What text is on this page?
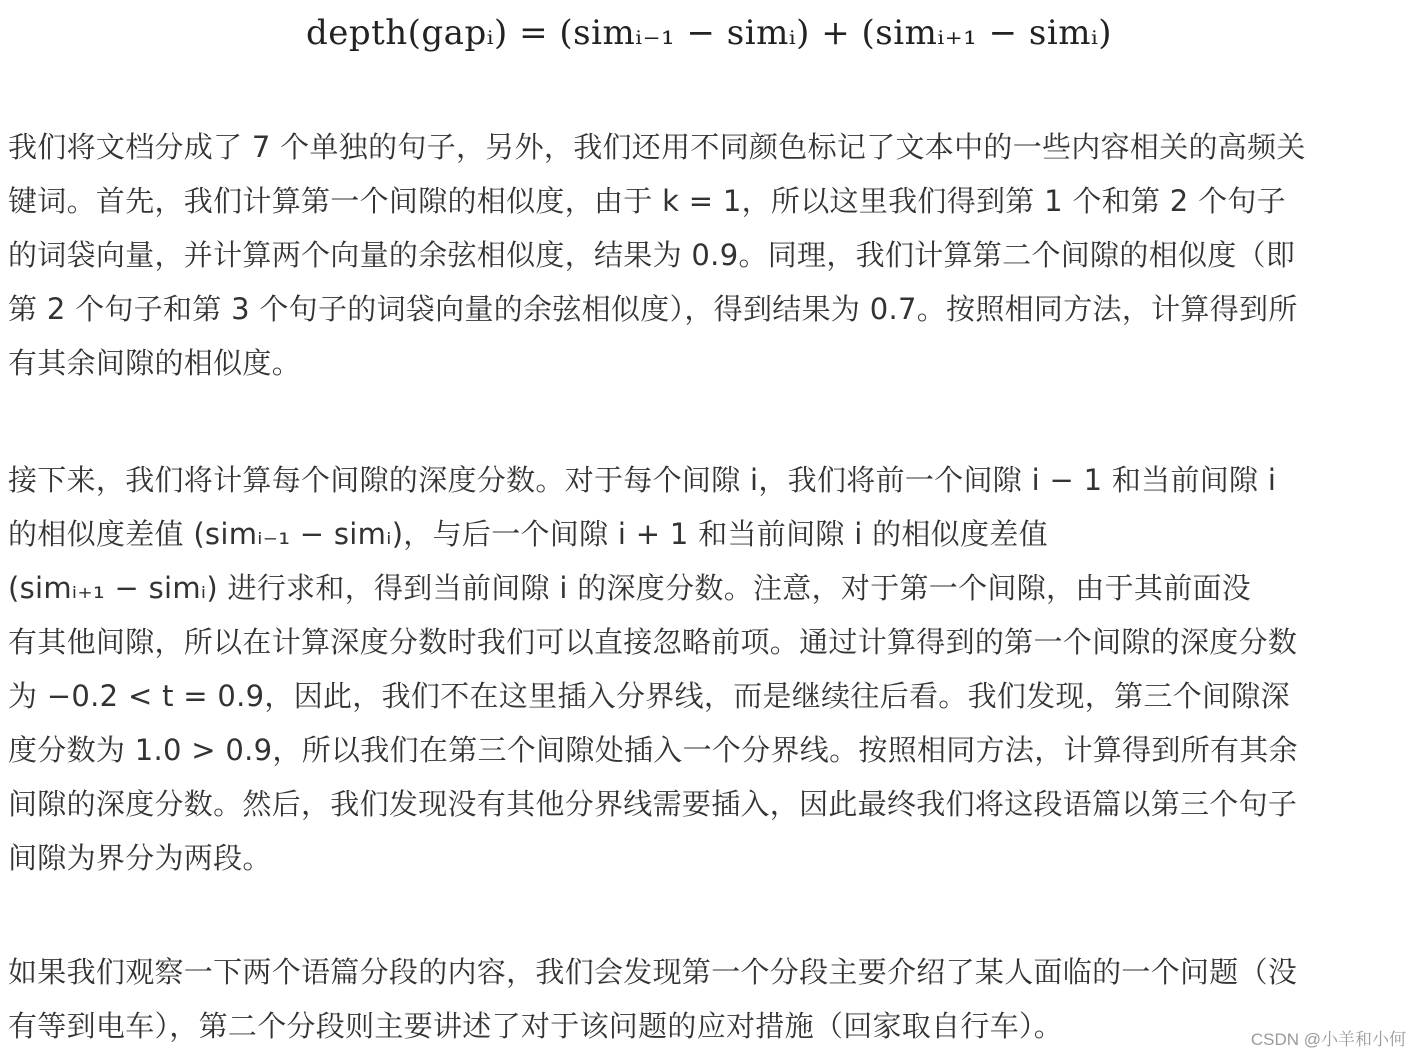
depth(gapᵢ) = (simᵢ₋₁ − simᵢ) + (simᵢ₊₁ − simᵢ)
我们将文档分成了 7 个单独的句子，另外，我们还用不同颜色标记了文本中的一些内容相关的高频关
键词。首先，我们计算第一个间隙的相似度，由于 k = 1，所以这里我们得到第 1 个和第 2 个句子
的词袋向量，并计算两个向量的余弦相似度，结果为 0.9。同理，我们计算第二个间隙的相似度（即
第 2 个句子和第 3 个句子的词袋向量的余弦相似度），得到结果为 0.7。按照相同方法，计算得到所
有其余间隙的相似度。
接下来，我们将计算每个间隙的深度分数。对于每个间隙 i，我们将前一个间隙 i − 1 和当前间隙 i
的相似度差值 (simᵢ₋₁ − simᵢ)，与后一个间隙 i + 1 和当前间隙 i 的相似度差值
(simᵢ₊₁ − simᵢ) 进行求和，得到当前间隙 i 的深度分数。注意，对于第一个间隙，由于其前面没
有其他间隙，所以在计算深度分数时我们可以直接忽略前项。通过计算得到的第一个间隙的深度分数
为 −0.2 < t = 0.9，因此，我们不在这里插入分界线，而是继续往后看。我们发现，第三个间隙深
度分数为 1.0 > 0.9，所以我们在第三个间隙处插入一个分界线。按照相同方法，计算得到所有其余
间隙的深度分数。然后，我们发现没有其他分界线需要插入，因此最终我们将这段语篇以第三个句子
间隙为界分为两段。
如果我们观察一下两个语篇分段的内容，我们会发现第一个分段主要介绍了某人面临的一个问题（没
有等到电车），第二个分段则主要讲述了对于该问题的应对措施（回家取自行车）。	CSDN @小羊和小何
